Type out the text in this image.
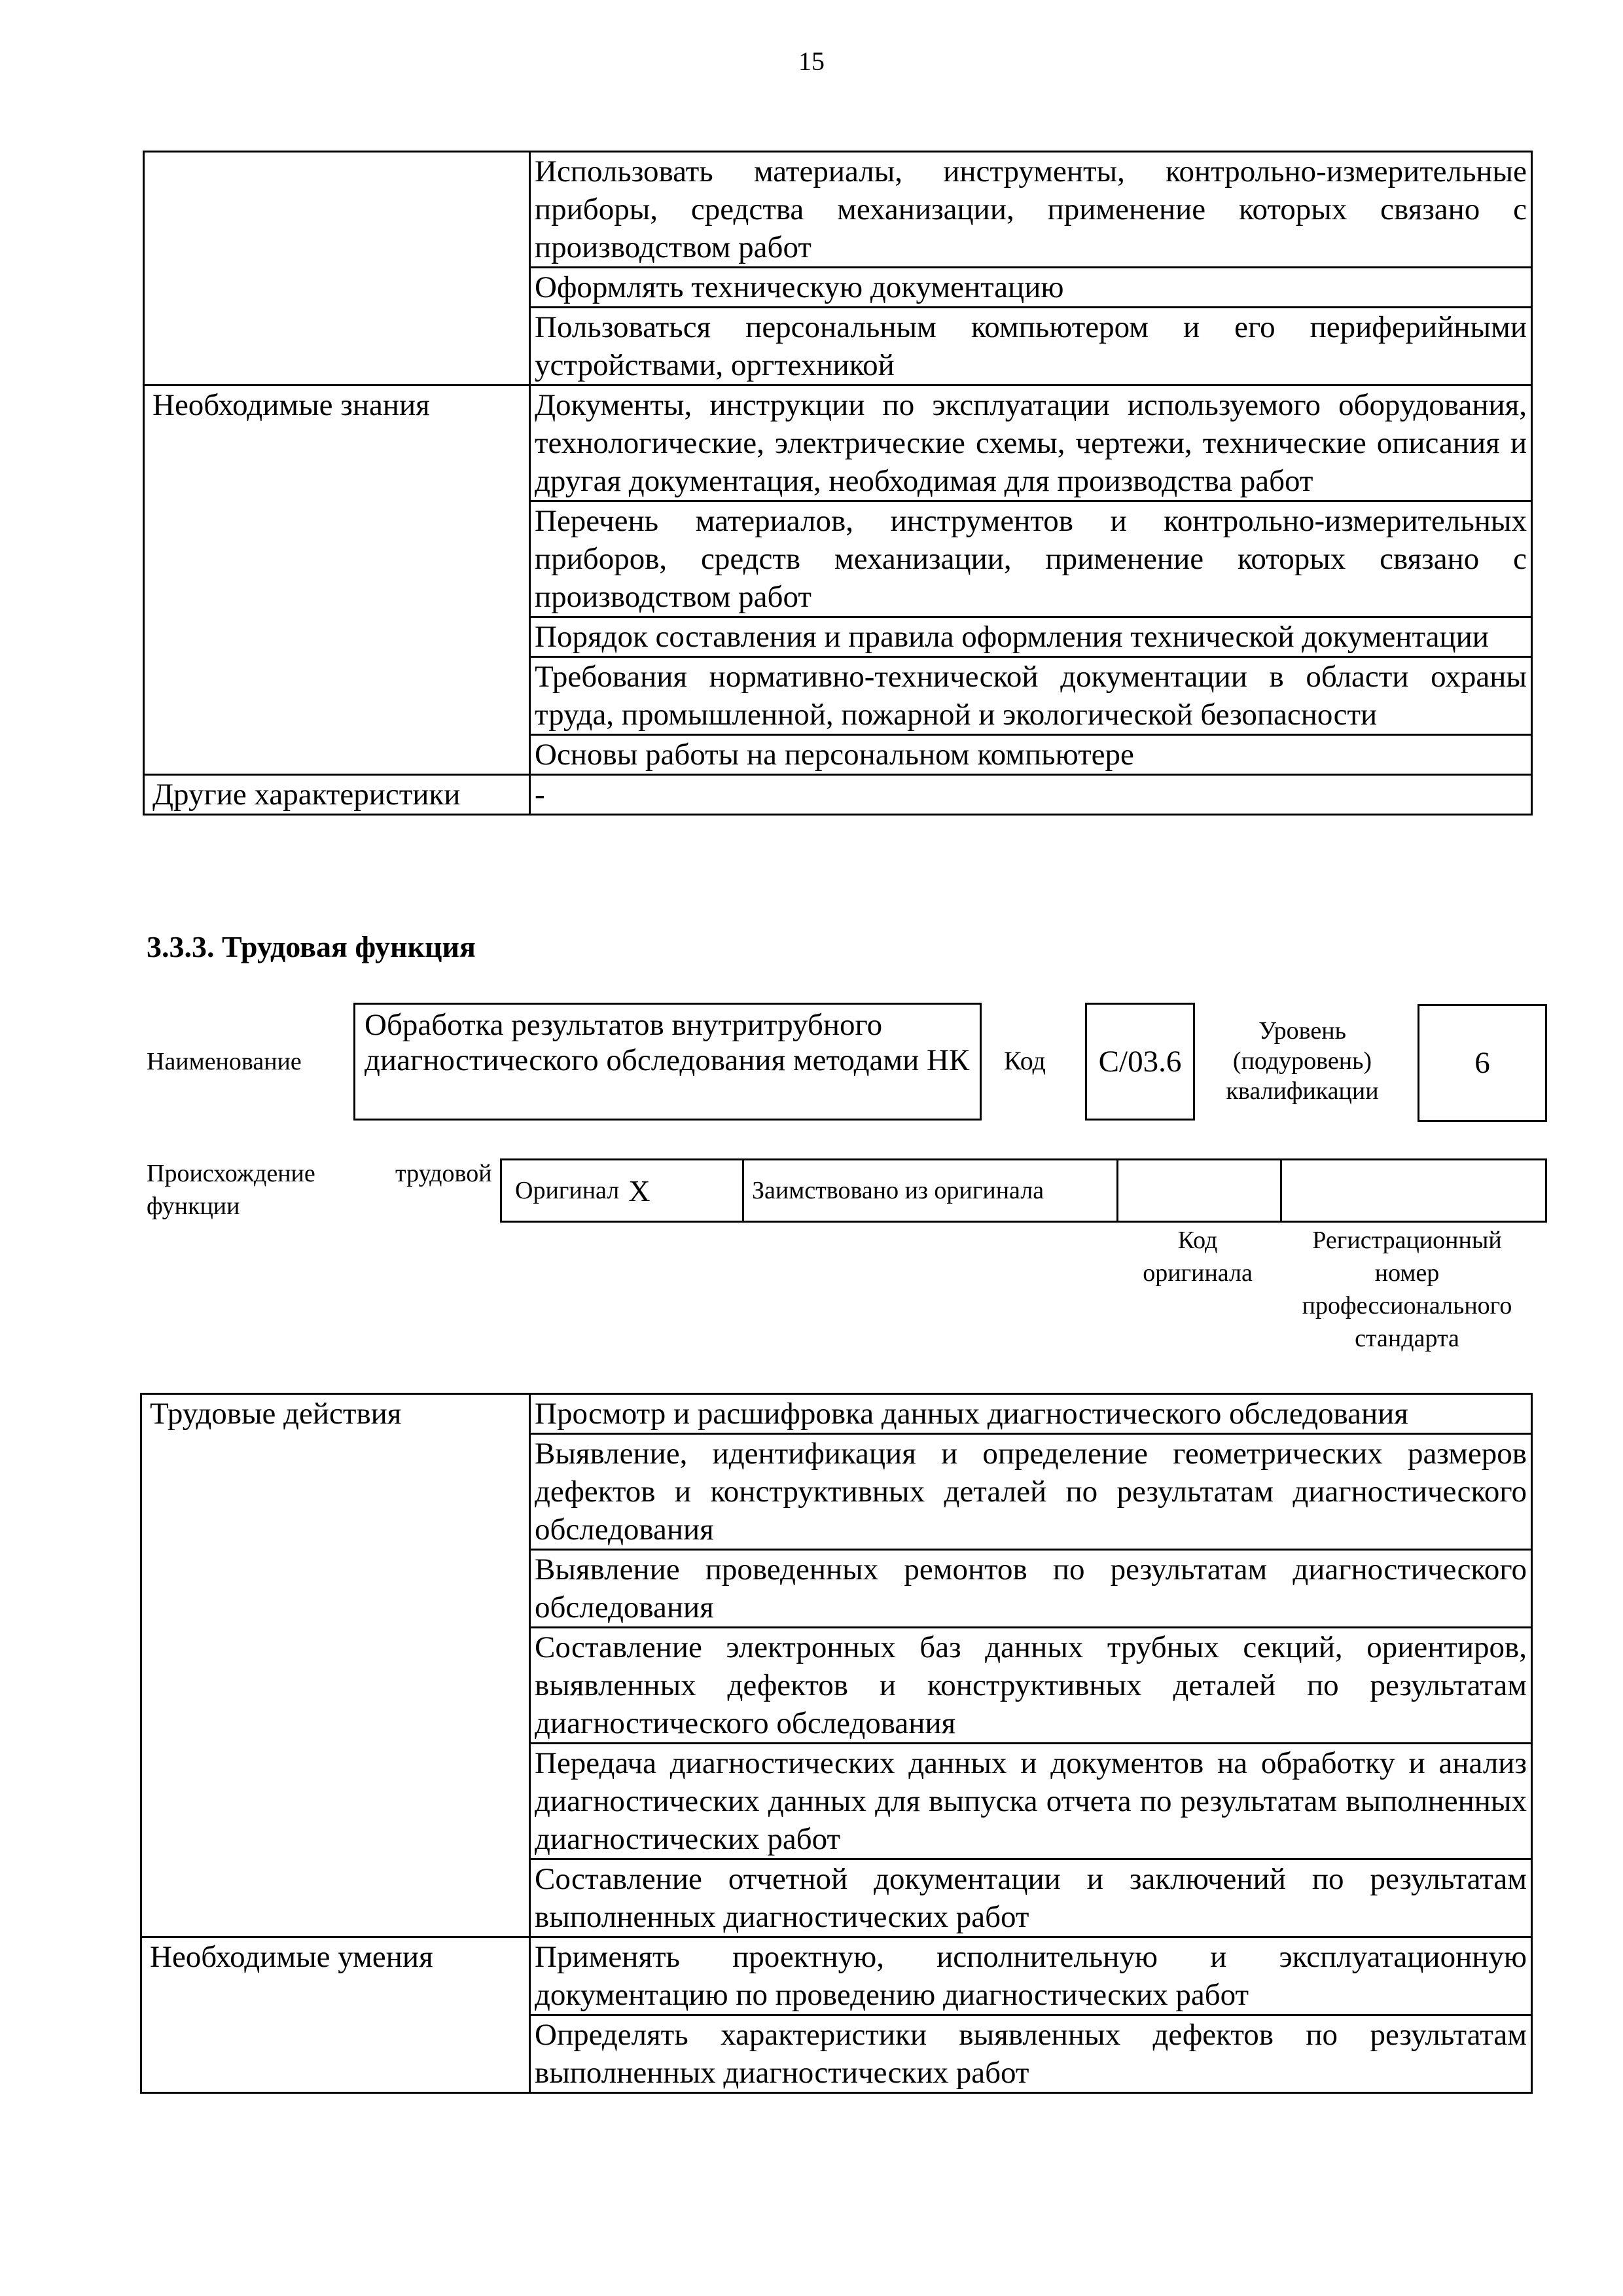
15
	Использовать материалы, инструменты, контрольно-измерительные приборы, средства механизации, применение которых связано с производством работ
	Оформлять техническую документацию
	Пользоваться персональным компьютером и его периферийными устройствами, оргтехникой
Необходимые знания	Документы, инструкции по эксплуатации используемого оборудования, технологические, электрические схемы, чертежи, технические описания и другая документация, необходимая для производства работ
	Перечень материалов, инструментов и контрольно-измерительных приборов, средств механизации, применение которых связано с производством работ
	Порядок составления и правила оформления технической документации
	Требования нормативно-технической документации в области охраны труда, промышленной, пожарной и экологической безопасности
	Основы работы на персональном компьютере
Другие характеристики	-
3.3.3. Трудовая функция
Наименование
Обработка результатов внутритрубного диагностического обследования методами НК	Код C/03.6
Уровень
(подуровень)
квалификации
6
Происхождение	трудовой
функции
Оригинал X	Заимствовано из оригинала
Код
оригинала
Регистрационный
номер
профессионального
стандарта
Трудовые действия	Просмотр и расшифровка данных диагностического обследования
	Выявление, идентификация и определение геометрических размеров дефектов и конструктивных деталей по результатам диагностического обследования
	Выявление проведенных ремонтов по результатам диагностического обследования
	Составление электронных баз данных трубных секций, ориентиров, выявленных дефектов и конструктивных деталей по результатам диагностического обследования
	Передача диагностических данных и документов на обработку и анализ диагностических данных для выпуска отчета по результатам выполненных диагностических работ
	Составление отчетной документации и заключений по результатам выполненных диагностических работ
Необходимые умения	Применять проектную, исполнительную и эксплуатационную документацию по проведению диагностических работ
	Определять характеристики выявленных дефектов по результатам выполненных диагностических работ
